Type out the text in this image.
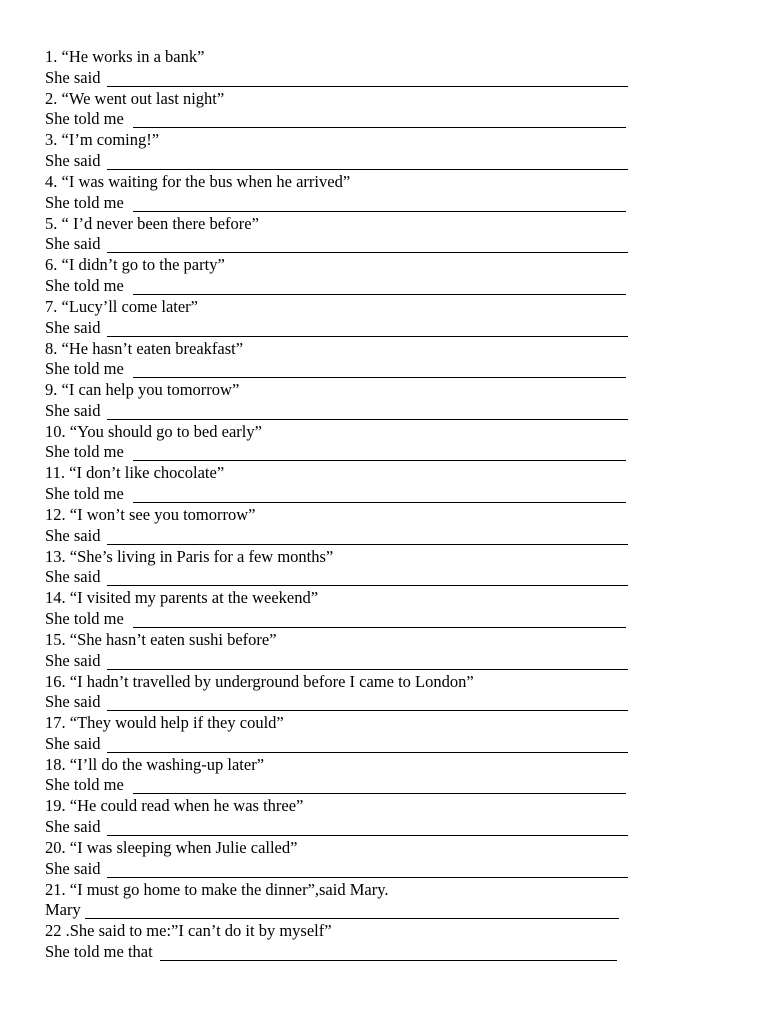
1. “He works in a bank”
She said
2. “We went out last night”
She told me
3. “I’m coming!”
She said
4. “I was waiting for the bus when he arrived”
She told me
5. “ I’d never been there before”
She said
6. “I didn’t go to the party”
She told me
7. “Lucy’ll come later”
She said
8. “He hasn’t eaten breakfast”
She told me
9. “I can help you tomorrow”
She said
10. “You should go to bed early”
She told me
11. “I don’t like chocolate”
She told me
12. “I won’t see you tomorrow”
She said
13. “She’s living in Paris for a few months”
She said
14. “I visited my parents at the weekend”
She told me
15. “She hasn’t eaten sushi before”
She said
16. “I hadn’t travelled by underground before I came to London”
She said
17. “They would help if they could”
She said
18. “I’ll do the washing-up later”
She told me
19. “He could read when he was three”
She said
20. “I was sleeping when Julie called”
She said
21. “I must go home to make the dinner”,said Mary.
Mary
22 .She said to me:”I can’t do it by myself”
She told me that
